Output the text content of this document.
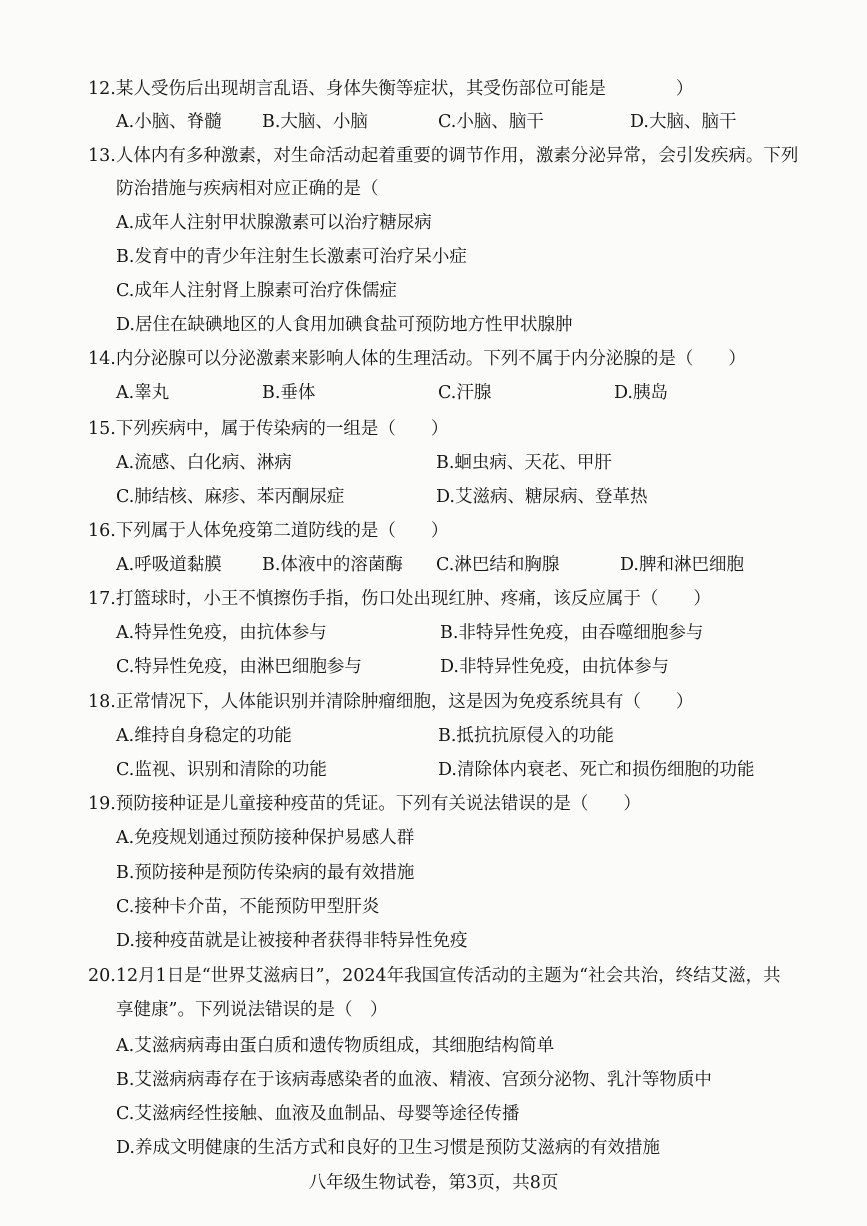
12.某人受伤后出现胡言乱语、身体失衡等症状，其受伤部位可能是　　　　）
A.小脑、脊髓 B.大脑、小脑	C.小脑、脑干	D.大脑、脑干
13.人体内有多种激素，对生命活动起着重要的调节作用，激素分泌异常，会引发疾病。下列
防治措施与疾病相对应正确的是（
A.成年人注射甲状腺激素可以治疗糖尿病
B.发育中的青少年注射生长激素可治疗呆小症
C.成年人注射肾上腺素可治疗侏儒症
D.居住在缺碘地区的人食用加碘食盐可预防地方性甲状腺肿
14.内分泌腺可以分泌激素来影响人体的生理活动。下列不属于内分泌腺的是（　　）
A.睾丸	B.垂体	C.汗腺	D.胰岛
15.下列疾病中，属于传染病的一组是（　　）
A.流感、白化病、淋病	B.蛔虫病、天花、甲肝
C.肺结核、麻疹、苯丙酮尿症	D.艾滋病、糖尿病、登革热
16.下列属于人体免疫第二道防线的是（　　）
A.呼吸道黏膜 B.体液中的溶菌酶 C.淋巴结和胸腺	D.脾和淋巴细胞
17.打篮球时，小王不慎擦伤手指，伤口处出现红肿、疼痛，该反应属于（　　）
A.特异性免疫，由抗体参与	B.非特异性免疫，由吞噬细胞参与
C.特异性免疫，由淋巴细胞参与	D.非特异性免疫，由抗体参与
18.正常情况下，人体能识别并清除肿瘤细胞，这是因为免疫系统具有（　　）
A.维持自身稳定的功能	B.抵抗抗原侵入的功能
C.监视、识别和清除的功能	D.清除体内衰老、死亡和损伤细胞的功能
19.预防接种证是儿童接种疫苗的凭证。下列有关说法错误的是（　　）
A.免疫规划通过预防接种保护易感人群
B.预防接种是预防传染病的最有效措施
C.接种卡介苗，不能预防甲型肝炎
D.接种疫苗就是让被接种者获得非特异性免疫
20.12月1日是“世界艾滋病日”，2024年我国宣传活动的主题为“社会共治，终结艾滋，共
享健康”。下列说法错误的是（　）
A.艾滋病病毒由蛋白质和遗传物质组成，其细胞结构简单
B.艾滋病病毒存在于该病毒感染者的血液、精液、宫颈分泌物、乳汁等物质中
C.艾滋病经性接触、血液及血制品、母婴等途径传播
D.养成文明健康的生活方式和良好的卫生习惯是预防艾滋病的有效措施
八年级生物试卷，第3页，共8页
